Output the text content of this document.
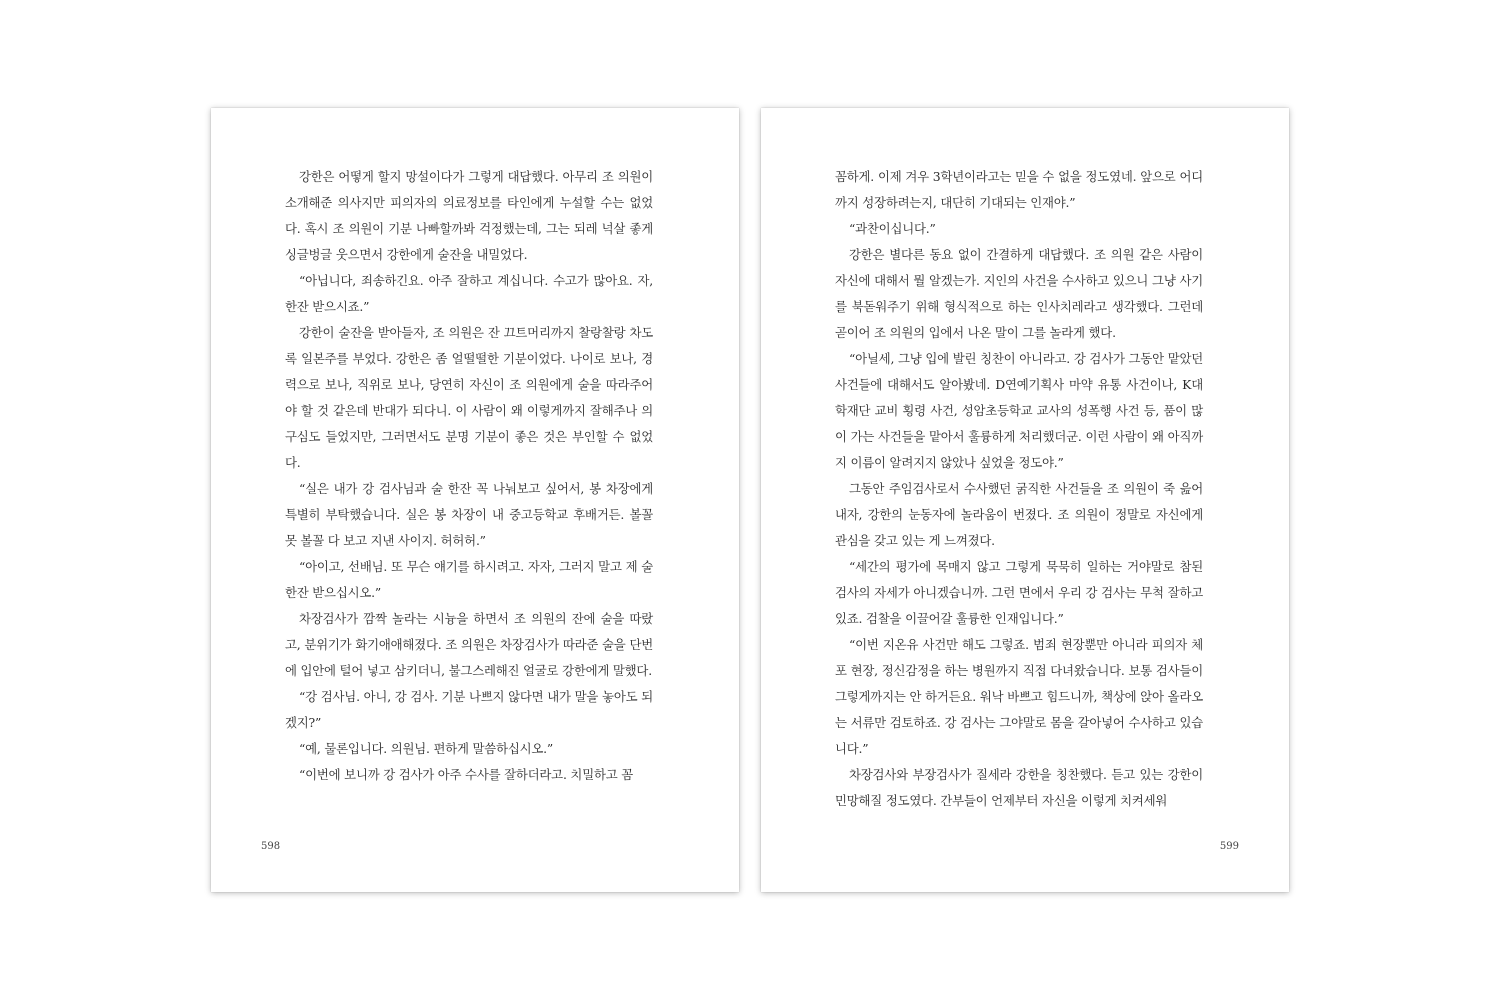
강한은 어떻게 할지 망설이다가 그렇게 대답했다. 아무리 조 의원이 소개해준 의사지만 피의자의 의료정보를 타인에게 누설할 수는 없었다. 혹시 조 의원이 기분 나빠할까봐 걱정했는데, 그는 되레 넉살 좋게 싱글벙글 웃으면서 강한에게 술잔을 내밀었다.

“아닙니다, 죄송하긴요. 아주 잘하고 계십니다. 수고가 많아요. 자, 한잔 받으시죠.”

강한이 술잔을 받아들자, 조 의원은 잔 끄트머리까지 찰랑찰랑 차도록 일본주를 부었다. 강한은 좀 얼떨떨한 기분이었다. 나이로 보나, 경력으로 보나, 직위로 보나, 당연히 자신이 조 의원에게 술을 따라주어야 할 것 같은데 반대가 되다니. 이 사람이 왜 이렇게까지 잘해주나 의구심도 들었지만, 그러면서도 분명 기분이 좋은 것은 부인할 수 없었다.

“실은 내가 강 검사님과 술 한잔 꼭 나눠보고 싶어서, 봉 차장에게 특별히 부탁했습니다. 실은 봉 차장이 내 중고등학교 후배거든. 볼꼴 못 볼꼴 다 보고 지낸 사이지. 허허허.”

“아이고, 선배님. 또 무슨 얘기를 하시려고. 자자, 그러지 말고 제 술 한잔 받으십시오.”

차장검사가 깜짝 놀라는 시늉을 하면서 조 의원의 잔에 술을 따랐고, 분위기가 화기애애해졌다. 조 의원은 차장검사가 따라준 술을 단번에 입안에 털어 넣고 삼키더니, 불그스레해진 얼굴로 강한에게 말했다.

“강 검사님. 아니, 강 검사. 기분 나쁘지 않다면 내가 말을 놓아도 되겠지?”

“예, 물론입니다. 의원님. 편하게 말씀하십시오.”

“이번에 보니까 강 검사가 아주 수사를 잘하더라고. 치밀하고 꼼

598

꼼하게. 이제 겨우 3학년이라고는 믿을 수 없을 정도였네. 앞으로 어디까지 성장하려는지, 대단히 기대되는 인재야.”

“과찬이십니다.”

강한은 별다른 동요 없이 간결하게 대답했다. 조 의원 같은 사람이 자신에 대해서 뭘 알겠는가. 지인의 사건을 수사하고 있으니 그냥 사기를 북돋워주기 위해 형식적으로 하는 인사치레라고 생각했다. 그런데 곧이어 조 의원의 입에서 나온 말이 그를 놀라게 했다.

“아닐세, 그냥 입에 발린 칭찬이 아니라고. 강 검사가 그동안 맡았던 사건들에 대해서도 알아봤네. D연예기획사 마약 유통 사건이나, K대학재단 교비 횡령 사건, 성암초등학교 교사의 성폭행 사건 등, 품이 많이 가는 사건들을 맡아서 훌륭하게 처리했더군. 이런 사람이 왜 아직까지 이름이 알려지지 않았나 싶었을 정도야.”

그동안 주임검사로서 수사했던 굵직한 사건들을 조 의원이 죽 읊어내자, 강한의 눈동자에 놀라움이 번졌다. 조 의원이 정말로 자신에게 관심을 갖고 있는 게 느껴졌다.

“세간의 평가에 목매지 않고 그렇게 묵묵히 일하는 거야말로 참된 검사의 자세가 아니겠습니까. 그런 면에서 우리 강 검사는 무척 잘하고 있죠. 검찰을 이끌어갈 훌륭한 인재입니다.”

“이번 지온유 사건만 해도 그렇죠. 범죄 현장뿐만 아니라 피의자 체포 현장, 정신감정을 하는 병원까지 직접 다녀왔습니다. 보통 검사들이 그렇게까지는 안 하거든요. 워낙 바쁘고 힘드니까, 책상에 앉아 올라오는 서류만 검토하죠. 강 검사는 그야말로 몸을 갈아넣어 수사하고 있습니다.”

차장검사와 부장검사가 질세라 강한을 칭찬했다. 듣고 있는 강한이 민망해질 정도였다. 간부들이 언제부터 자신을 이렇게 치켜세워

599
